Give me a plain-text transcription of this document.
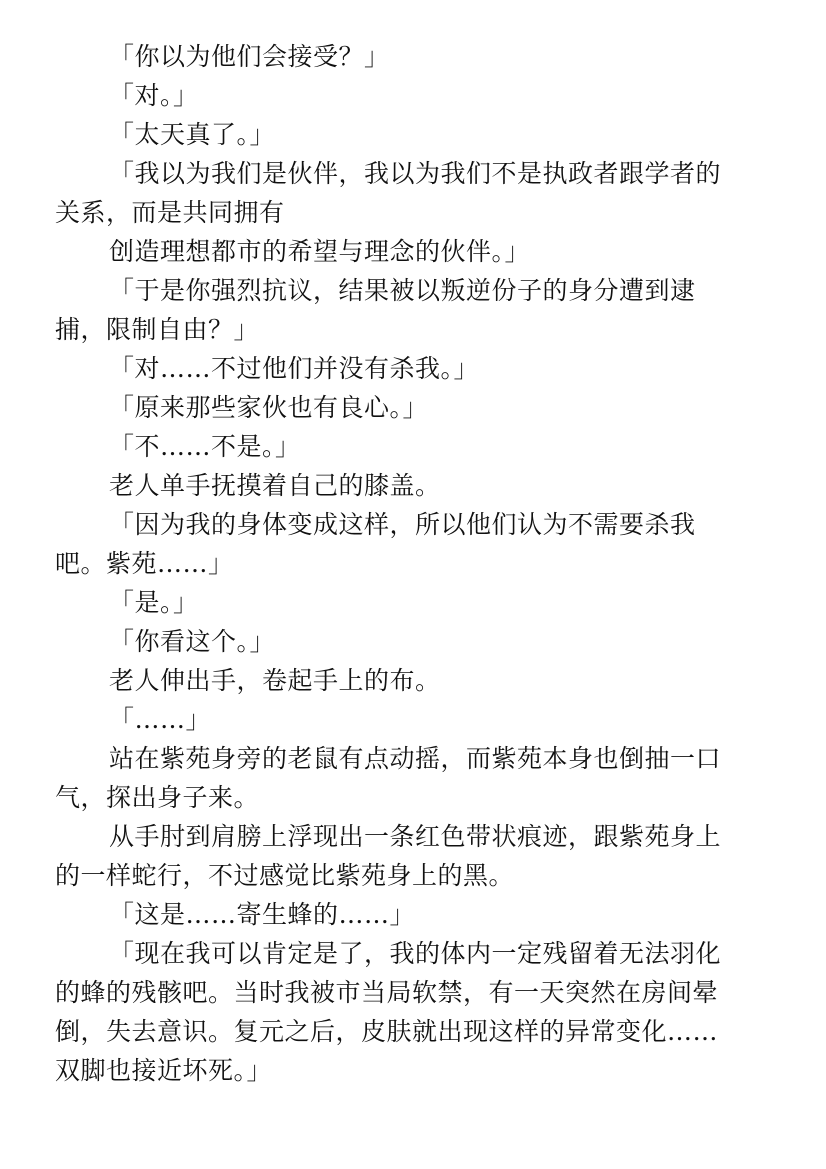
「你以为他们会接受？」

「对。」

「太天真了。」

「我以为我们是伙伴，我以为我们不是执政者跟学者的

关系，而是共同拥有

创造理想都市的希望与理念的伙伴。」

「于是你强烈抗议，结果被以叛逆份子的身分遭到逮

捕，限制自由？」

「对……不过他们并没有杀我。」

「原来那些家伙也有良心。」

「不……不是。」

老人单手抚摸着自己的膝盖。

「因为我的身体变成这样，所以他们认为不需要杀我

吧。紫苑……」

「是。」

「你看这个。」

老人伸出手，卷起手上的布。

「……」

站在紫苑身旁的老鼠有点动摇，而紫苑本身也倒抽一口

气，探出身子来。

从手肘到肩膀上浮现出一条红色带状痕迹，跟紫苑身上

的一样蛇行，不过感觉比紫苑身上的黑。

「这是……寄生蜂的……」

「现在我可以肯定是了，我的体内一定残留着无法羽化

的蜂的残骸吧。当时我被市当局软禁，有一天突然在房间晕

倒，失去意识。复元之后，皮肤就出现这样的异常变化……

双脚也接近坏死。」
